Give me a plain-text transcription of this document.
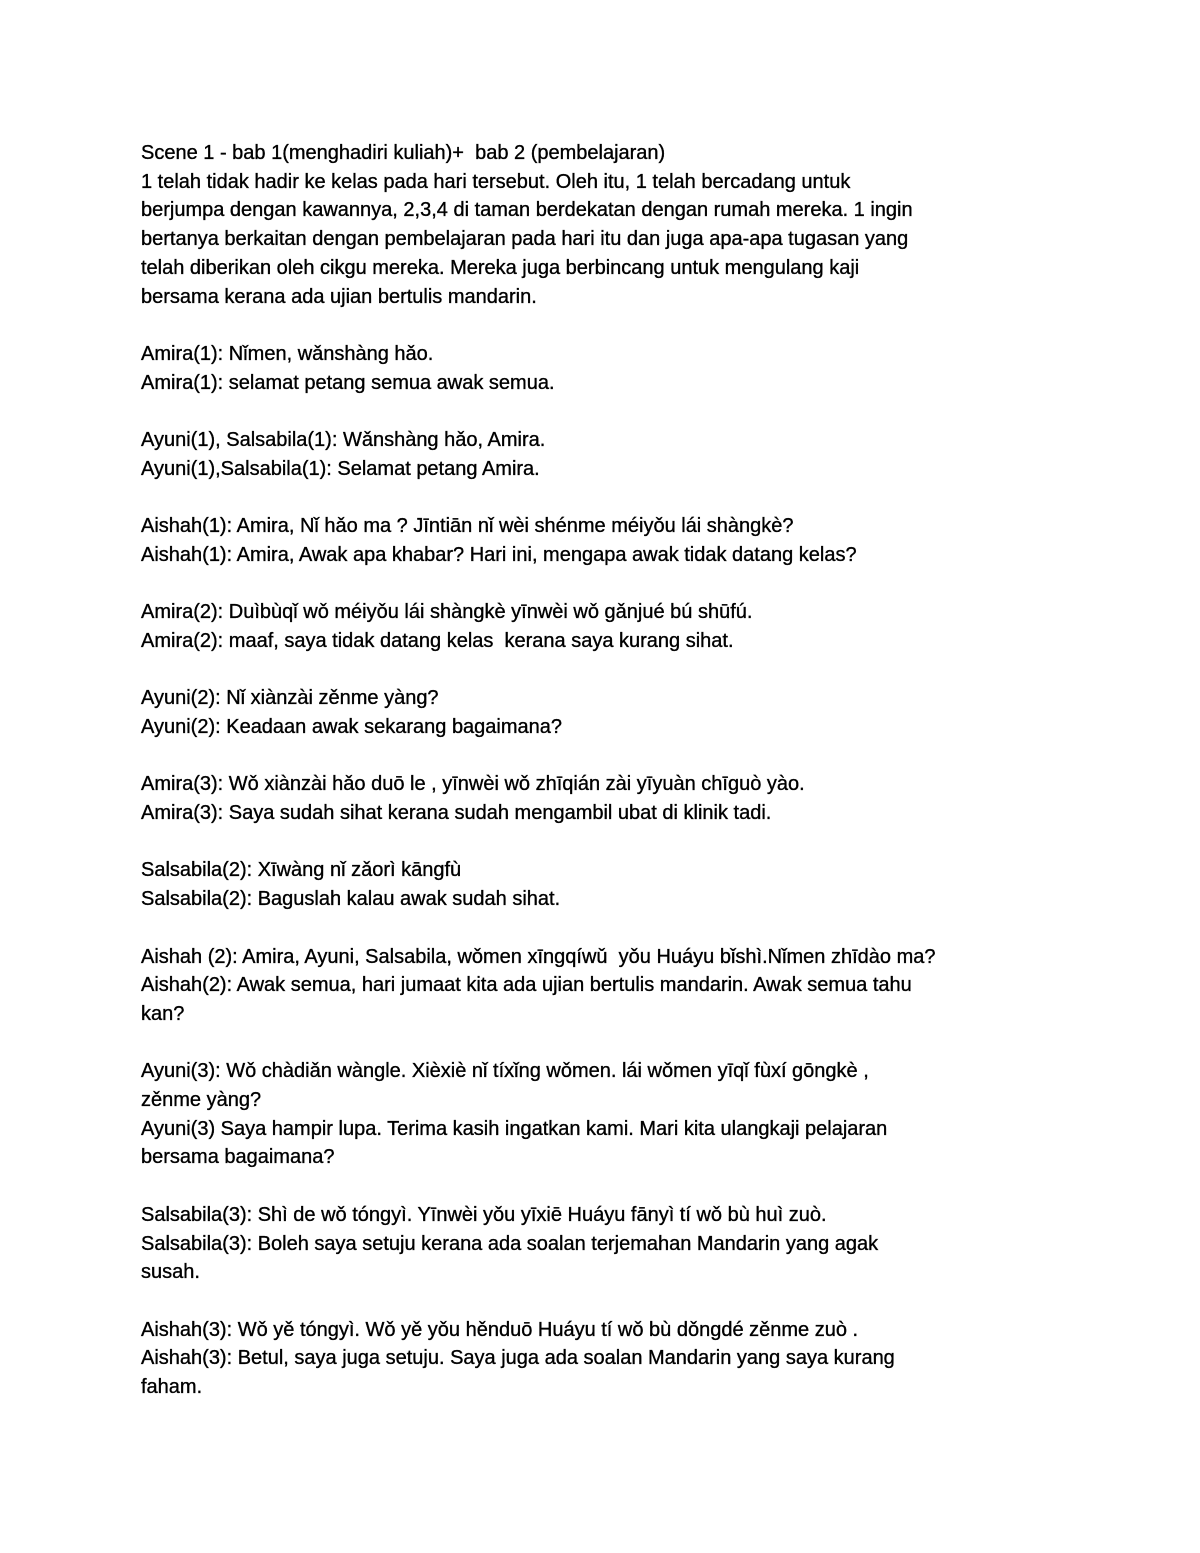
Scene 1 - bab 1(menghadiri kuliah)+  bab 2 (pembelajaran)
1 telah tidak hadir ke kelas pada hari tersebut. Oleh itu, 1 telah bercadang untuk
berjumpa dengan kawannya, 2,3,4 di taman berdekatan dengan rumah mereka. 1 ingin
bertanya berkaitan dengan pembelajaran pada hari itu dan juga apa-apa tugasan yang
telah diberikan oleh cikgu mereka. Mereka juga berbincang untuk mengulang kaji
bersama kerana ada ujian bertulis mandarin.
Amira(1): Nǐmen, wǎnshàng hǎo.
Amira(1): selamat petang semua awak semua.
Ayuni(1), Salsabila(1): Wǎnshàng hǎo, Amira.
Ayuni(1),Salsabila(1): Selamat petang Amira.
Aishah(1): Amira, Nǐ hǎo ma ? Jīntiān nǐ wèi shénme méiyǒu lái shàngkè?
Aishah(1): Amira, Awak apa khabar? Hari ini, mengapa awak tidak datang kelas?
Amira(2): Duìbùqǐ wǒ méiyǒu lái shàngkè yīnwèi wǒ gǎnjué bú shūfú.
Amira(2): maaf, saya tidak datang kelas  kerana saya kurang sihat.
Ayuni(2): Nǐ xiànzài zěnme yàng?
Ayuni(2): Keadaan awak sekarang bagaimana?
Amira(3): Wǒ xiànzài hǎo duō le , yīnwèi wǒ zhīqián zài yīyuàn chīguò yào.
Amira(3): Saya sudah sihat kerana sudah mengambil ubat di klinik tadi.
Salsabila(2): Xīwàng nǐ zǎorì kāngfù
Salsabila(2): Baguslah kalau awak sudah sihat.
Aishah (2): Amira, Ayuni, Salsabila, wǒmen xīngqíwǔ  yǒu Huáyu bǐshì.Nǐmen zhīdào ma?
Aishah(2): Awak semua, hari jumaat kita ada ujian bertulis mandarin. Awak semua tahu
kan?
Ayuni(3): Wǒ chàdiǎn wàngle. Xièxiè nǐ tíxǐng wǒmen. lái wǒmen yīqǐ fùxí gōngkè ,
zěnme yàng?
Ayuni(3) Saya hampir lupa. Terima kasih ingatkan kami. Mari kita ulangkaji pelajaran
bersama bagaimana?
Salsabila(3): Shì de wǒ tóngyì. Yīnwèi yǒu yīxiē Huáyu fānyì tí wǒ bù huì zuò.
Salsabila(3): Boleh saya setuju kerana ada soalan terjemahan Mandarin yang agak
susah.
Aishah(3): Wǒ yě tóngyì. Wǒ yě yǒu hěnduō Huáyu tí wǒ bù dǒngdé zěnme zuò .
Aishah(3): Betul, saya juga setuju. Saya juga ada soalan Mandarin yang saya kurang
faham.
